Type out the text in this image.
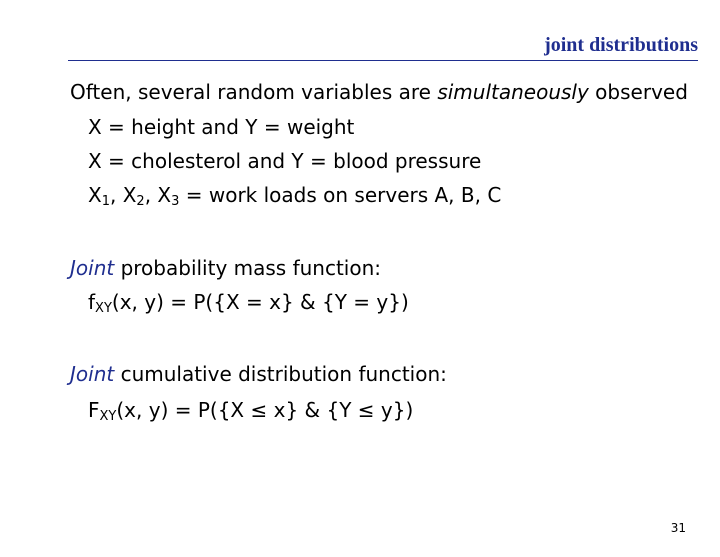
joint distributions
Often, several random variables are simultaneously observed
X = height and Y = weight
X = cholesterol and Y = blood pressure
$X_1$, $X_2$, $X_3$ = work loads on servers A, B, C
Joint probability mass function:
$f_{XY}(x$, y) = P({X = x} & {Y = y})
Joint cumulative distribution function:
$F_{XY}(x$, y) = P({X ≤ x} & {Y ≤ y})
31
